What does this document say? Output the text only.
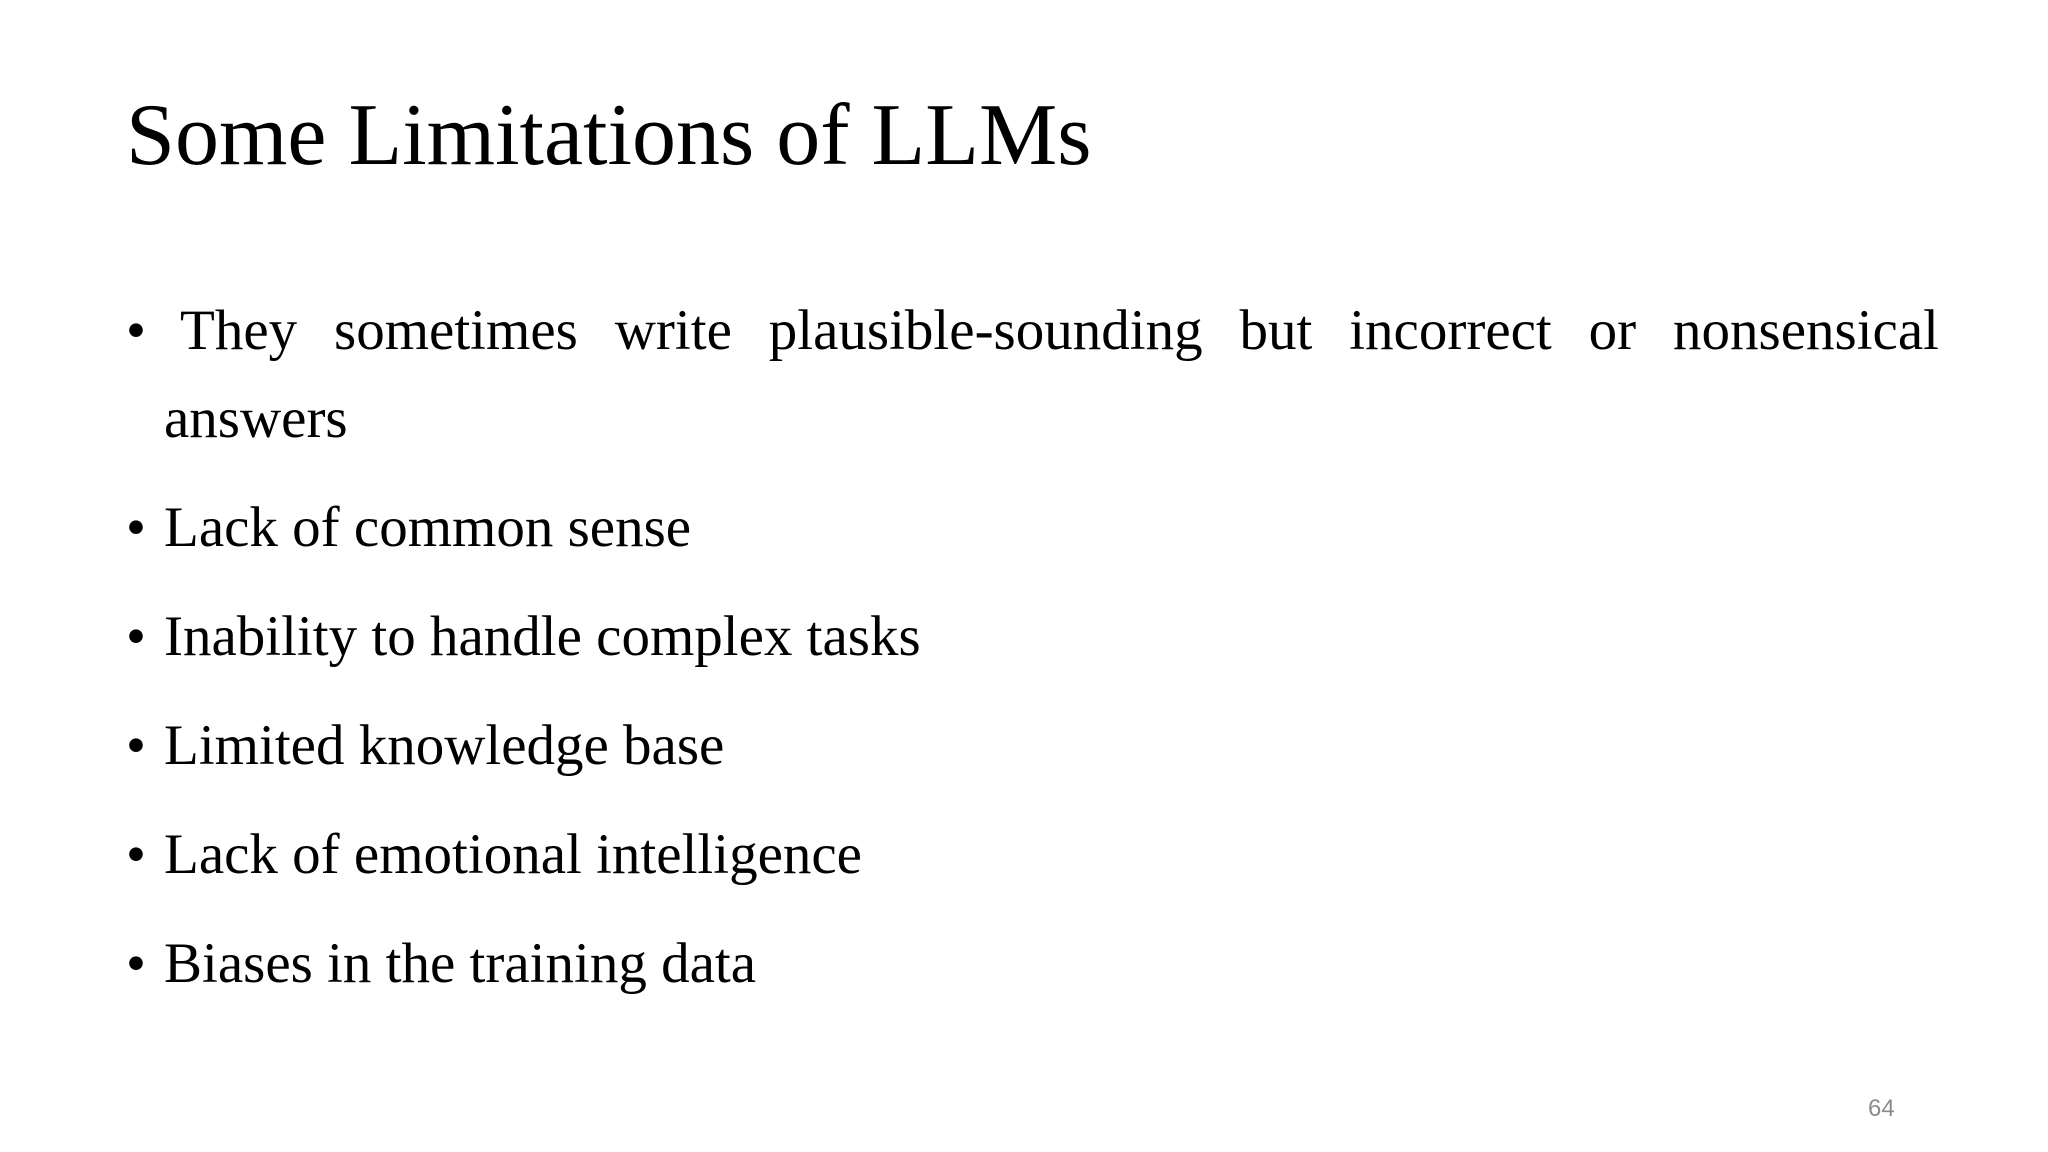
Some Limitations of LLMs
• They sometimes write plausible-sounding but incorrect or nonsensical answers
• Lack of common sense
• Inability to handle complex tasks
• Limited knowledge base
• Lack of emotional intelligence
• Biases in the training data
64
